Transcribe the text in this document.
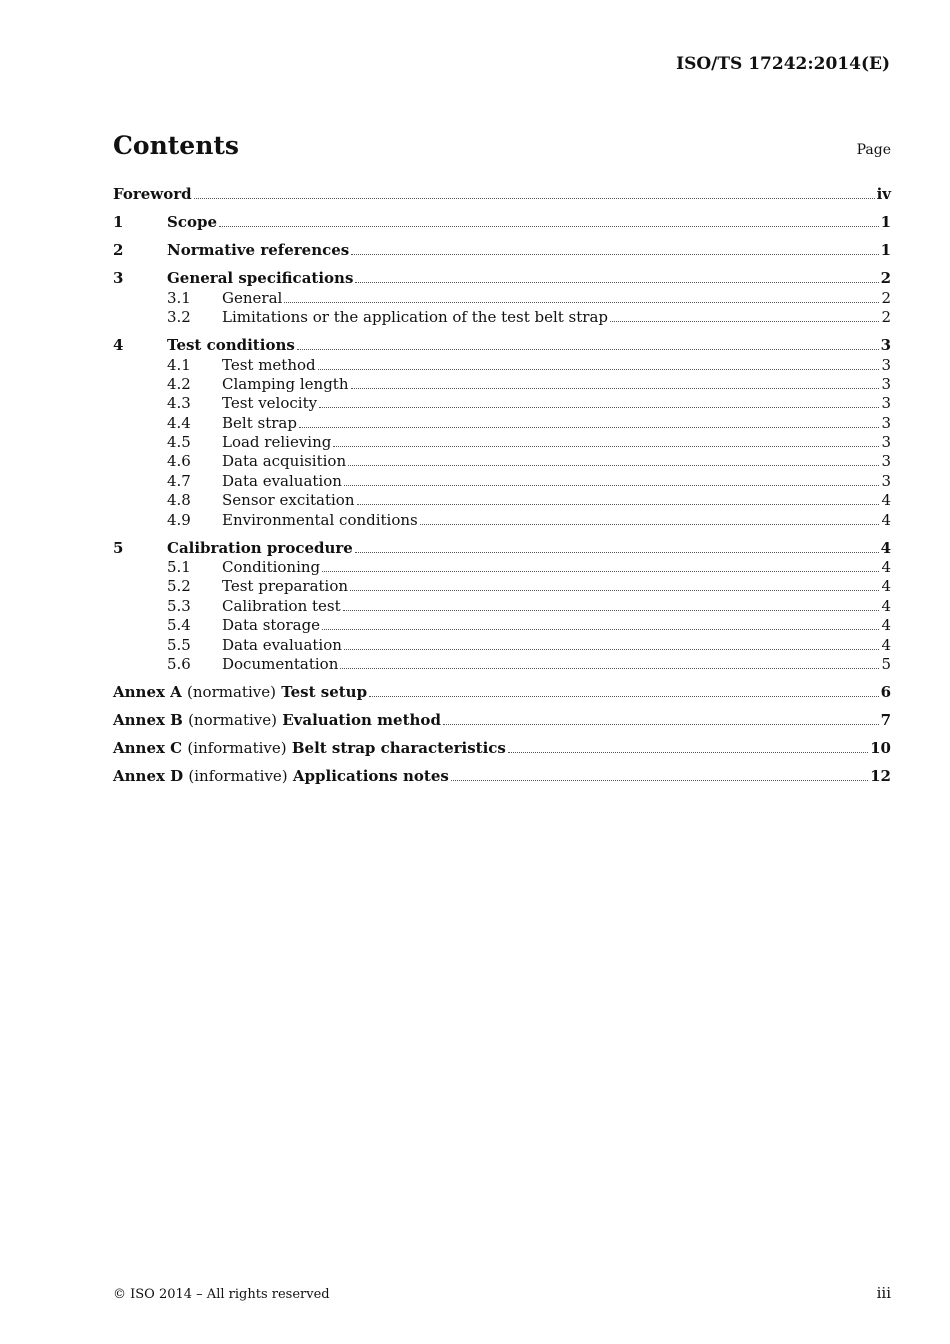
ISO/TS 17242:2014(E)
Contents	Page
Foreword	iv
1	Scope	1
2	Normative references	1
3	General specifications	2
3.1	General	2
3.2	Limitations or the application of the test belt strap	2
4	Test conditions	3
4.1	Test method	3
4.2	Clamping length	3
4.3	Test velocity	3
4.4	Belt strap	3
4.5	Load relieving	3
4.6	Data acquisition	3
4.7	Data evaluation	3
4.8	Sensor excitation	4
4.9	Environmental conditions	4
5	Calibration procedure	4
5.1	Conditioning	4
5.2	Test preparation	4
5.3	Calibration test	4
5.4	Data storage	4
5.5	Data evaluation	4
5.6	Documentation	5
Annex A (normative) Test setup	6
Annex B (normative) Evaluation method	7
Annex C (informative) Belt strap characteristics	10
Annex D (informative) Applications notes	12
© ISO 2014 – All rights reserved	iii
